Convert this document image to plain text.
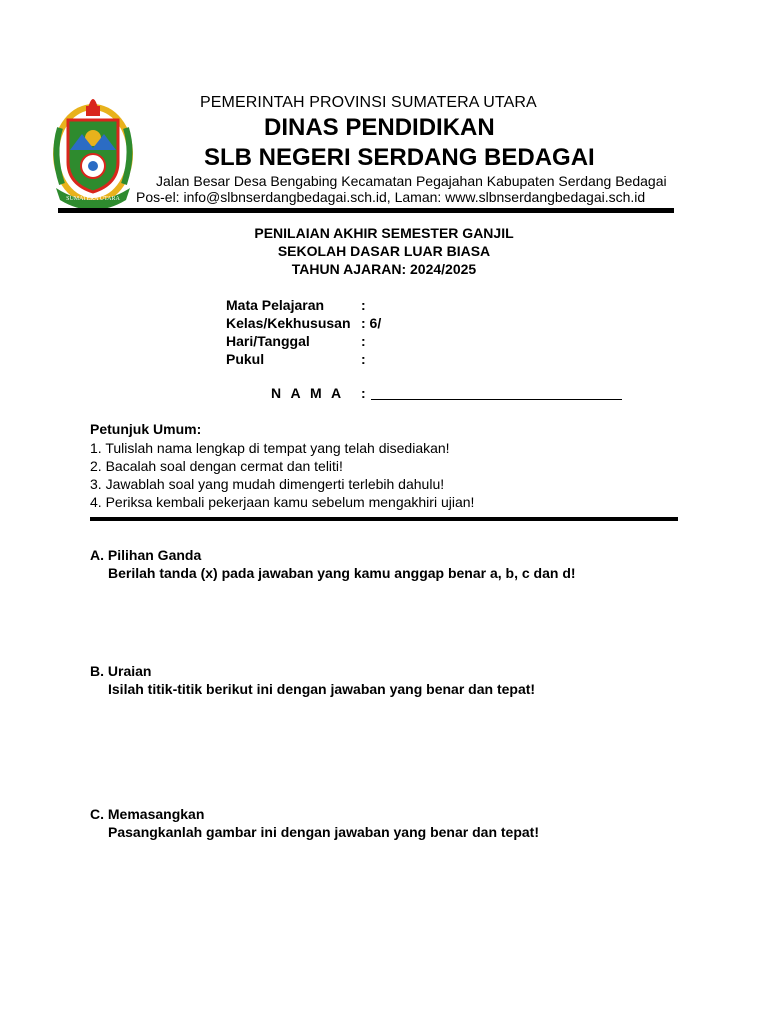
SUMATERA UTARA
PEMERINTAH PROVINSI SUMATERA UTARA
DINAS PENDIDIKAN
SLB NEGERI SERDANG BEDAGAI
Jalan Besar Desa Bengabing Kecamatan Pegajahan Kabupaten Serdang Bedagai
Pos-el: info@slbnserdangbedagai.sch.id, Laman: www.slbnserdangbedagai.sch.id
PENILAIAN AKHIR SEMESTER GANJIL
SEKOLAH DASAR LUAR BIASA
TAHUN AJARAN: 2024/2025
Mata Pelajaran	:
Kelas/Kekhususan : 6/
Hari/Tanggal	:
Pukul	:
N A M A :
Petunjuk Umum:
1. Tulislah nama lengkap di tempat yang telah disediakan!
2. Bacalah soal dengan cermat dan teliti!
3. Jawablah soal yang mudah dimengerti terlebih dahulu!
4. Periksa kembali pekerjaan kamu sebelum mengakhiri ujian!
A. Pilihan Ganda
Berilah tanda (x) pada jawaban yang kamu anggap benar a, b, c dan d!
B. Uraian
Isilah titik-titik berikut ini dengan jawaban yang benar dan tepat!
C. Memasangkan
Pasangkanlah gambar ini dengan jawaban yang benar dan tepat!
